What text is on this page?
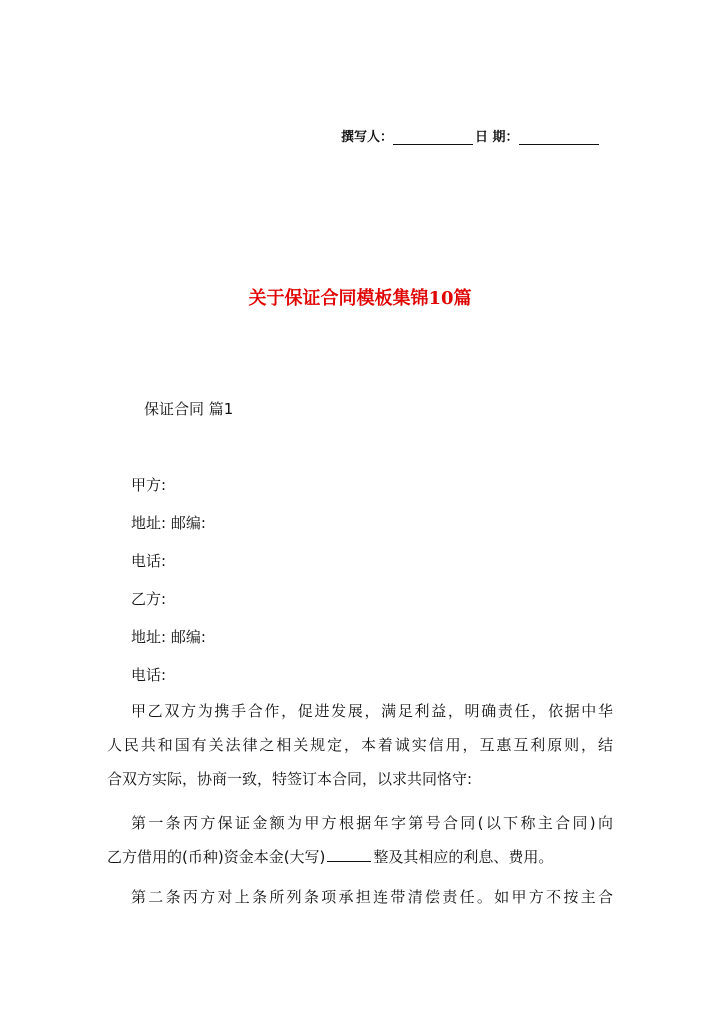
撰写人：	日 期：
关于保证合同模板集锦10篇
保证合同 篇1
甲方:
地址: 邮编:
电话:
乙方:
地址: 邮编:
电话:
甲乙双方为携手合作，促进发展，满足利益，明确责任，依据中华
人民共和国有关法律之相关规定，本着诚实信用，互惠互利原则，结
合双方实际，协商一致，特签订本合同，以求共同恪守:
第一条丙方保证金额为甲方根据年字第号合同(以下称主合同)向
乙方借用的(币种)资金本金(大写)	整及其相应的利息、费用。
第二条丙方对上条所列条项承担连带清偿责任。如甲方不按主合
